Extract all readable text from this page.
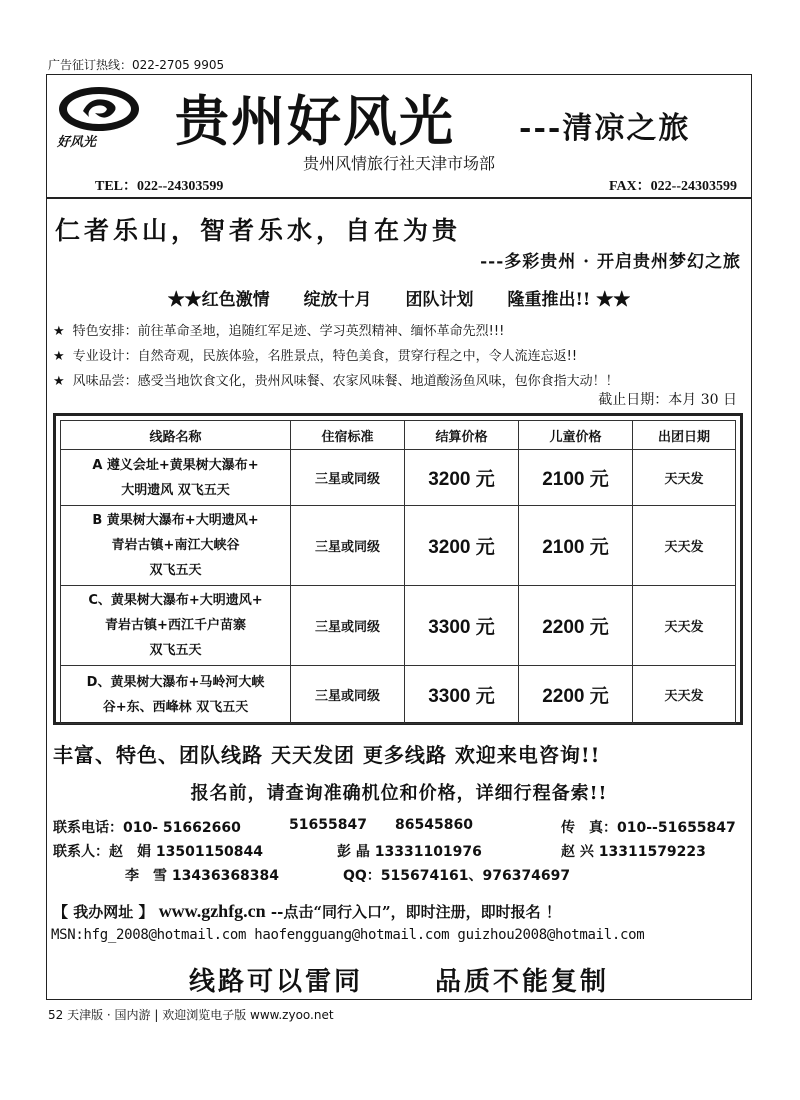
广告征订热线：022-2705 9905
好风光 贵州好风光 ---清凉之旅
贵州风情旅行社天津市场部
TEL：022--24303599	FAX：022--24303599
仁者乐山，智者乐水，自在为贵
---多彩贵州 · 开启贵州梦幻之旅
★★红色激情 绽放十月 团队计划 隆重推出!! ★★
★ 特色安排：前往革命圣地，追随红军足迹、学习英烈精神、缅怀革命先烈!!!
★ 专业设计：自然奇观，民族体验，名胜景点，特色美食，贯穿行程之中，令人流连忘返!!
★ 风味品尝：感受当地饮食文化，贵州风味餐、农家风味餐、地道酸汤鱼风味，包你食指大动！！
截止日期：本月 30 日
线路名称	住宿标准	结算价格	儿童价格	出团日期

A 遵义会址+黄果树大瀑布+
大明遗风 双飞五天	三星或同级	3200 元	2100 元	天天发

B 黄果树大瀑布+大明遗风+
青岩古镇+南江大峡谷
双飞五天	三星或同级	3200 元	2100 元	天天发

C、黄果树大瀑布+大明遗风+
青岩古镇+西江千户苗寨
双飞五天	三星或同级	3300 元	2200 元	天天发

D、黄果树大瀑布+马岭河大峡
谷+东、西峰林 双飞五天	三星或同级	3300 元	2200 元	天天发
丰富、特色、团队线路 天天发团 更多线路 欢迎来电咨询!!
报名前，请查询准确机位和价格，详细行程备索!!
联系电话：010- 51662660	51655847 86545860	传　真：010--51655847
联系人：赵　娟 13501150844	彭 晶 13331101976	赵 兴 13311579223
李　雪 13436368384	QQ：515674161、976374697
【 我办网址 】 www.gzhfg.cn --点击“同行入口”，即时注册，即时报名 ！
MSN:hfg_2008@hotmail.com haofengguang@hotmail.com guizhou2008@hotmail.com
线路可以雷同	品质不能复制
52 天津版 · 国内游 | 欢迎浏览电子版 www.zyoo.net
